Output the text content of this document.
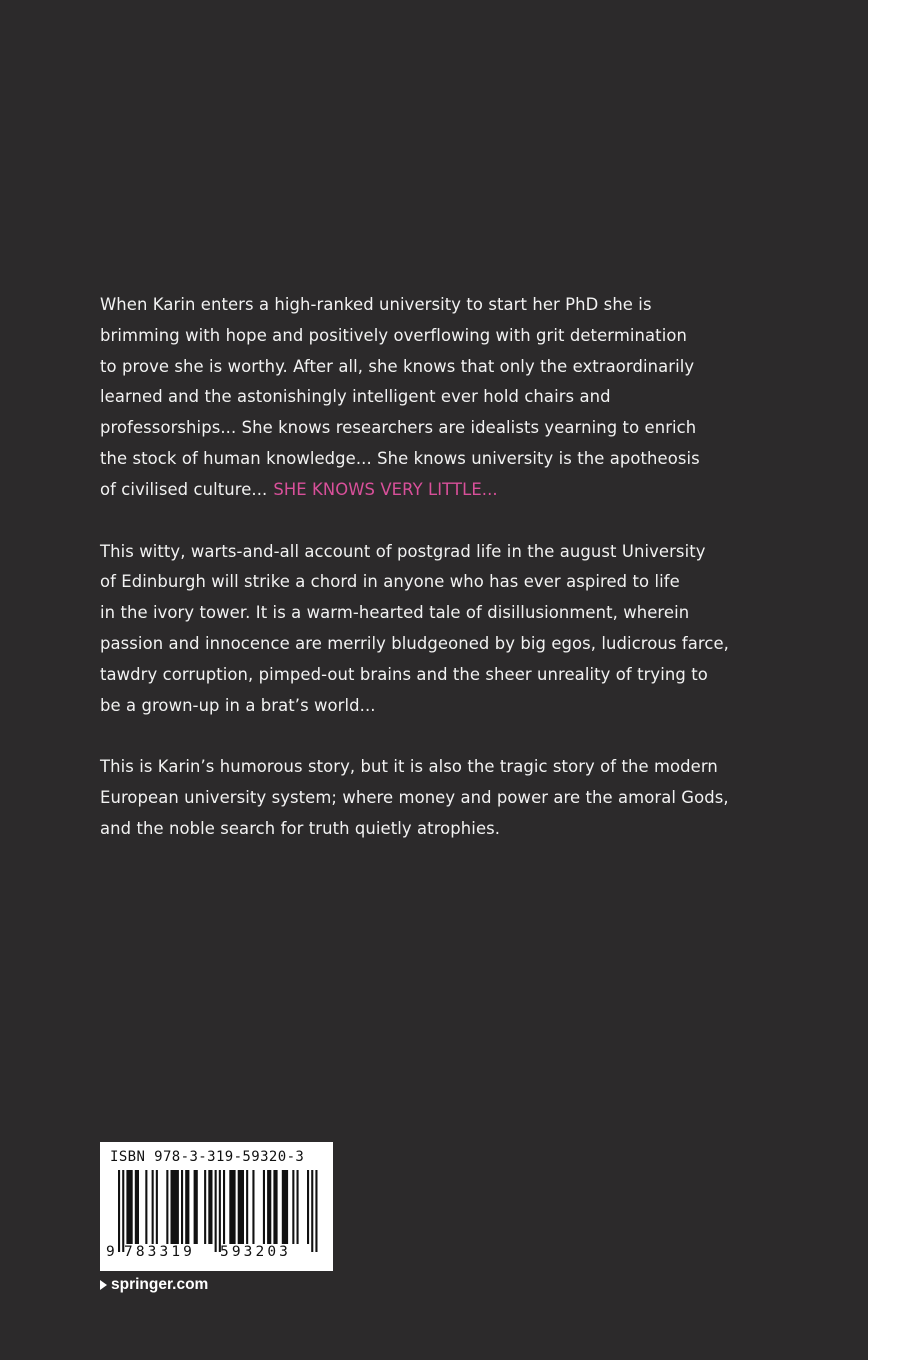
When Karin enters a high-ranked university to start her PhD she is
brimming with hope and positively overflowing with grit determination
to prove she is worthy. After all, she knows that only the extraordinarily
learned and the astonishingly intelligent ever hold chairs and
professorships... She knows researchers are idealists yearning to enrich
the stock of human knowledge... She knows university is the apotheosis
of civilised culture... SHE KNOWS VERY LITTLE...

This witty, warts-and-all account of postgrad life in the august University
of Edinburgh will strike a chord in anyone who has ever aspired to life
in the ivory tower. It is a warm-hearted tale of disillusionment, wherein
passion and innocence are merrily bludgeoned by big egos, ludicrous farce,
tawdry corruption, pimped-out brains and the sheer unreality of trying to
be a grown-up in a brat’s world...

This is Karin’s humorous story, but it is also the tragic story of the modern
European university system; where money and power are the amoral Gods,
and the noble search for truth quietly atrophies.

ISBN 978-3-319-59320-3
9 783319 593203
springer.com
